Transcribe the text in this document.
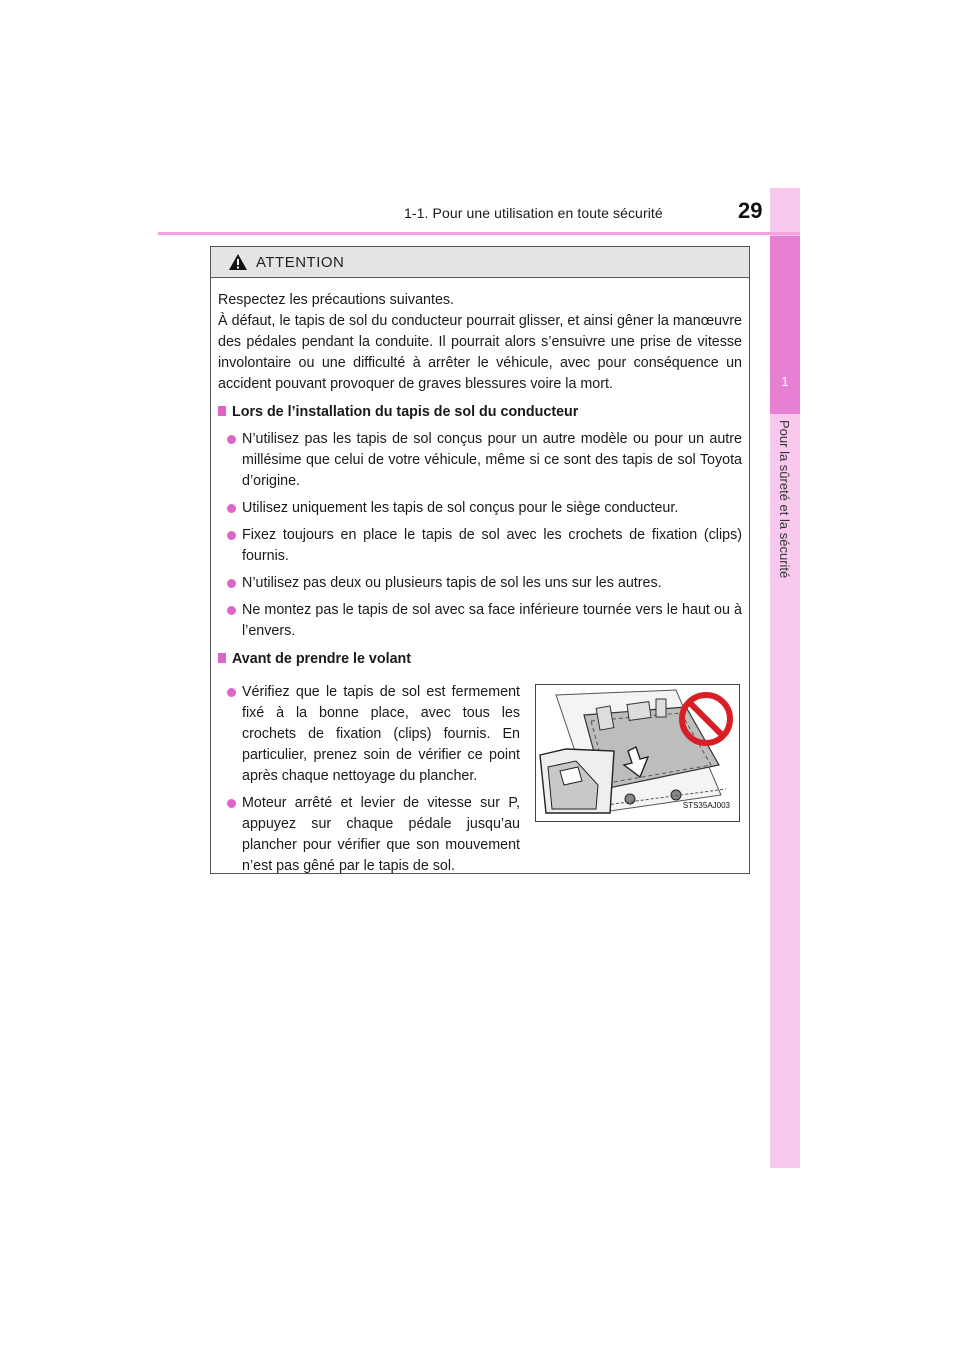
1
Pour la sûreté et la sécurité
1-1. Pour une utilisation en toute sécurité	29
ATTENTION

Respectez les précautions suivantes.

À défaut, le tapis de sol du conducteur pourrait glisser, et ainsi gêner la manœuvre des pédales pendant la conduite. Il pourrait alors s’ensuivre une prise de vitesse involontaire ou une difficulté à arrêter le véhicule, avec pour conséquence un accident pouvant provoquer de graves blessures voire la mort.

Lors de l’installation du tapis de sol du conducteur
N’utilisez pas les tapis de sol conçus pour un autre modèle ou pour un autre millésime que celui de votre véhicule, même si ce sont des tapis de sol Toyota d’origine.
Utilisez uniquement les tapis de sol conçus pour le siège conducteur.
Fixez toujours en place le tapis de sol avec les crochets de fixation (clips) fournis.
N’utilisez pas deux ou plusieurs tapis de sol les uns sur les autres.
Ne montez pas le tapis de sol avec sa face inférieure tournée vers le haut ou à l’envers.
Avant de prendre le volant
Vérifiez que le tapis de sol est fermement fixé à la bonne place, avec tous les crochets de fixation (clips) fournis. En particulier, prenez soin de vérifier ce point après chaque nettoyage du plancher.
Moteur arrêté et levier de vitesse sur P, appuyez sur chaque pédale jusqu’au plancher pour vérifier que son mouvement n’est pas gêné par le tapis de sol.
STS35AJ003
